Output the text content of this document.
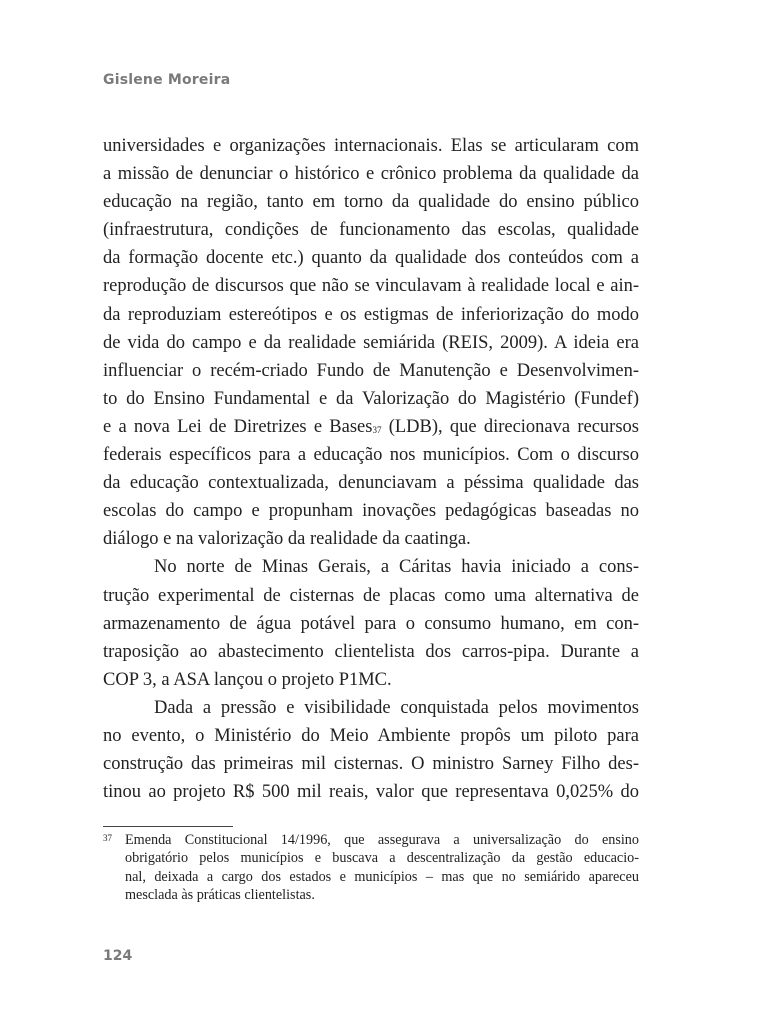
Gislene Moreira
universidades e organizações internacionais. Elas se articularam com
a missão de denunciar o histórico e crônico problema da qualidade da
educação na região, tanto em torno da qualidade do ensino público
(infraestrutura, condições de funcionamento das escolas, qualidade
da formação docente etc.) quanto da qualidade dos conteúdos com a
reprodução de discursos que não se vinculavam à realidade local e ain-
da reproduziam estereótipos e os estigmas de inferiorização do modo
de vida do campo e da realidade semiárida (REIS, 2009). A ideia era
influenciar o recém-criado Fundo de Manutenção e Desenvolvimen-
to do Ensino Fundamental e da Valorização do Magistério (Fundef)
e a nova Lei de Diretrizes e Bases$^{37}$ (LDB), que direcionava recursos
federais específicos para a educação nos municípios. Com o discurso
da educação contextualizada, denunciavam a péssima qualidade das
escolas do campo e propunham inovações pedagógicas baseadas no
diálogo e na valorização da realidade da caatinga.
No norte de Minas Gerais, a Cáritas havia iniciado a cons-
trução experimental de cisternas de placas como uma alternativa de
armazenamento de água potável para o consumo humano, em con-
traposição ao abastecimento clientelista dos carros-pipa. Durante a
COP 3, a ASA lançou o projeto P1MC.
Dada a pressão e visibilidade conquistada pelos movimentos
no evento, o Ministério do Meio Ambiente propôs um piloto para
construção das primeiras mil cisternas. O ministro Sarney Filho des-
tinou ao projeto R$ 500 mil reais, valor que representava 0,025% do
37 Emenda Constitucional 14/1996, que assegurava a universalização do ensino
obrigatório pelos municípios e buscava a descentralização da gestão educacio-
nal, deixada a cargo dos estados e municípios – mas que no semiárido apareceu
mesclada às práticas clientelistas.
124
